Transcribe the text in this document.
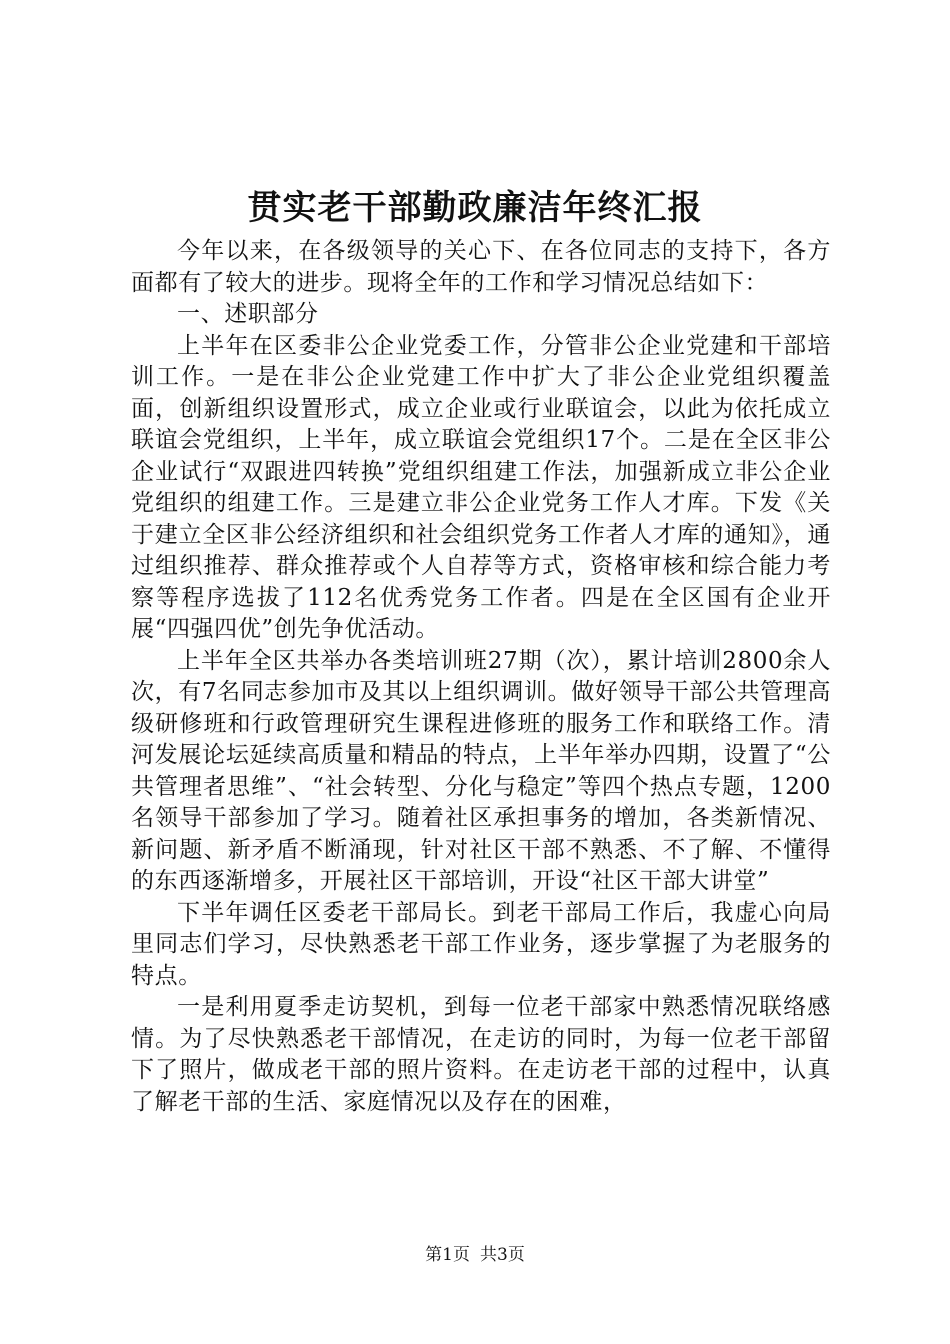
贯实老干部勤政廉洁年终汇报

今年以来，在各级领导的关心下、在各位同志的支持下，各方面都有了较大的进步。现将全年的工作和学习情况总结如下：

一、述职部分

上半年在区委非公企业党委工作，分管非公企业党建和干部培训工作。一是在非公企业党建工作中扩大了非公企业党组织覆盖面，创新组织设置形式，成立企业或行业联谊会，以此为依托成立联谊会党组织，上半年，成立联谊会党组织17个。二是在全区非公企业试行“双跟进四转换”党组织组建工作法，加强新成立非公企业党组织的组建工作。三是建立非公企业党务工作人才库。下发《关于建立全区非公经济组织和社会组织党务工作者人才库的通知》，通过组织推荐、群众推荐或个人自荐等方式，资格审核和综合能力考察等程序选拔了112名优秀党务工作者。四是在全区国有企业开展“四强四优”创先争优活动。

上半年全区共举办各类培训班27期（次），累计培训2800余人次，有7名同志参加市及其以上组织调训。做好领导干部公共管理高级研修班和行政管理研究生课程进修班的服务工作和联络工作。清河发展论坛延续高质量和精品的特点，上半年举办四期，设置了“公共管理者思维”、“社会转型、分化与稳定”等四个热点专题，1200名领导干部参加了学习。随着社区承担事务的增加，各类新情况、新问题、新矛盾不断涌现，针对社区干部不熟悉、不了解、不懂得的东西逐渐增多，开展社区干部培训，开设“社区干部大讲堂”

下半年调任区委老干部局长。到老干部局工作后，我虚心向局里同志们学习，尽快熟悉老干部工作业务，逐步掌握了为老服务的特点。

一是利用夏季走访契机，到每一位老干部家中熟悉情况联络感情。为了尽快熟悉老干部情况，在走访的同时，为每一位老干部留下了照片，做成老干部的照片资料。在走访老干部的过程中，认真了解老干部的生活、家庭情况以及存在的困难，

第1页 共3页
